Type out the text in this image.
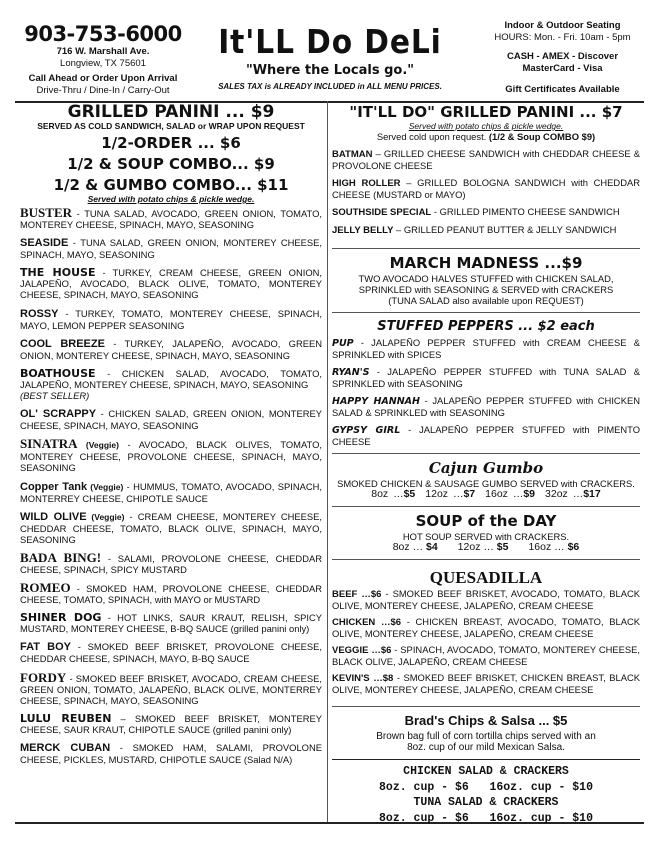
903-753-6000
716 W. Marshall Ave.
Longview, TX 75601
Call Ahead or Order Upon Arrival
Drive-Thru / Dine-In / Carry-Out
It'LL Do DeLi
"Where the Locals go."
SALES TAX is ALREADY INCLUDED in ALL MENU PRICES.
Indoor & Outdoor Seating
HOURS: Mon. - Fri. 10am - 5pm
CASH - AMEX - Discover
MasterCard - Visa
Gift Certificates Available
GRILLED PANINI ... $9
SERVED AS COLD SANDWICH, SALAD or WRAP UPON REQUEST
1/2-ORDER ... $6
1/2 & SOUP COMBO... $9
1/2 & GUMBO COMBO... $11
Served with potato chips & pickle wedge.
BUSTER - TUNA SALAD, AVOCADO, GREEN ONION, TOMATO, MONTEREY CHEESE, SPINACH, MAYO, SEASONING
SEASIDE - TUNA SALAD, GREEN ONION, MONTEREY CHEESE, SPINACH, MAYO, SEASONING
THE HOUSE - TURKEY, CREAM CHEESE, GREEN ONION, JALAPEÑO, AVOCADO, BLACK OLIVE, TOMATO, MONTEREY CHEESE, SPINACH, MAYO, SEASONING
ROSSY - TURKEY, TOMATO, MONTEREY CHEESE, SPINACH, MAYO, LEMON PEPPER SEASONING
COOL BREEZE - TURKEY, JALAPEÑO, AVOCADO, GREEN ONION, MONTEREY CHEESE, SPINACH, MAYO, SEASONING
BOATHOUSE - CHICKEN SALAD, AVOCADO, TOMATO, JALAPEÑO, MONTEREY CHEESE, SPINACH, MAYO, SEASONING
(BEST SELLER)
OL' SCRAPPY - CHICKEN SALAD, GREEN ONION, MONTEREY CHEESE, SPINACH, MAYO, SEASONING
SINATRA (Veggie) - AVOCADO, BLACK OLIVES, TOMATO, MONTEREY CHEESE, PROVOLONE CHEESE, SPINACH, MAYO, SEASONING
Copper Tank (Veggie) - HUMMUS, TOMATO, AVOCADO, SPINACH, MONTERREY CHEESE, CHIPOTLE SAUCE
WILD OLIVE (Veggie) - CREAM CHEESE, MONTEREY CHEESE, CHEDDAR CHEESE, TOMATO, BLACK OLIVE, SPINACH, MAYO, SEASONING
BADA BING! - SALAMI, PROVOLONE CHEESE, CHEDDAR CHEESE, SPINACH, SPICY MUSTARD
ROMEO - SMOKED HAM, PROVOLONE CHEESE, CHEDDAR CHEESE, TOMATO, SPINACH, with MAYO or MUSTARD
SHINER DOG - HOT LINKS, SAUR KRAUT, RELISH, SPICY MUSTARD, MONTEREY CHEESE, B-BQ SAUCE (grilled panini only)
FAT BOY - SMOKED BEEF BRISKET, PROVOLONE CHEESE, CHEDDAR CHEESE, SPINACH, MAYO, B-BQ SAUCE
FORDY - SMOKED BEEF BRISKET, AVOCADO, CREAM CHEESE, GREEN ONION, TOMATO, JALAPEÑO, BLACK OLIVE, MONTERREY CHEESE, SPINACH, MAYO, SEASONING
LULU REUBEN – SMOKED BEEF BRISKET, MONTEREY CHEESE, SAUR KRAUT, CHIPOTLE SAUCE (grilled panini only)
MERCK CUBAN - SMOKED HAM, SALAMI, PROVOLONE CHEESE, PICKLES, MUSTARD, CHIPOTLE SAUCE (Salad N/A)
"IT'LL DO" GRILLED PANINI ... $7
Served with potato chips & pickle wedge.
Served cold upon request. (1/2 & Soup COMBO $9)
BATMAN – GRILLED CHEESE SANDWICH with CHEDDAR CHEESE & PROVOLONE CHEESE
HIGH ROLLER – GRILLED BOLOGNA SANDWICH with CHEDDAR CHEESE (MUSTARD or MAYO)
SOUTHSIDE SPECIAL - GRILLED PIMENTO CHEESE SANDWICH
JELLY BELLY – GRILLED PEANUT BUTTER & JELLY SANDWICH
MARCH MADNESS ...$9
TWO AVOCADO HALVES STUFFED with CHICKEN SALAD,
SPRINKLED with SEASONING & SERVED with CRACKERS
(TUNA SALAD also available upon REQUEST)
STUFFED PEPPERS ... $2 each
PUP - JALAPEÑO PEPPER STUFFED with CREAM CHEESE & SPRINKLED with SPICES
RYAN'S - JALAPEÑO PEPPER STUFFED with TUNA SALAD & SPRINKLED with SEASONING
HAPPY HANNAH - JALAPEÑO PEPPER STUFFED with CHICKEN SALAD & SPRINKLED with SEASONING
GYPSY GIRL - JALAPEÑO PEPPER STUFFED with PIMENTO CHEESE
Cajun Gumbo
SMOKED CHICKEN & SAUSAGE GUMBO SERVED with CRACKERS.
8oz …$5 12oz …$7 16oz …$9 32oz …$17
SOUP of the DAY
HOT SOUP SERVED with CRACKERS.
8oz … $4 12oz … $5 16oz … $6
QUESADILLA
BEEF …$6 - SMOKED BEEF BRISKET, AVOCADO, TOMATO, BLACK OLIVE, MONTEREY CHEESE, JALAPEÑO, CREAM CHEESE
CHICKEN …$6 - CHICKEN BREAST, AVOCADO, TOMATO, BLACK OLIVE, MONTEREY CHEESE, JALAPEÑO, CREAM CHEESE
VEGGIE …$6 - SPINACH, AVOCADO, TOMATO, MONTEREY CHEESE, BLACK OLIVE, JALAPEÑO, CREAM CHEESE
KEVIN'S …$8 - SMOKED BEEF BRISKET, CHICKEN BREAST, BLACK OLIVE, MONTEREY CHEESE, JALAPEÑO, CREAM CHEESE
Brad's Chips & Salsa ... $5
Brown bag full of corn tortilla chips served with an
8oz. cup of our mild Mexican Salsa.
CHICKEN SALAD & CRACKERS
8oz. cup - $6   16oz. cup - $10
TUNA SALAD & CRACKERS
8oz. cup - $6   16oz. cup - $10
